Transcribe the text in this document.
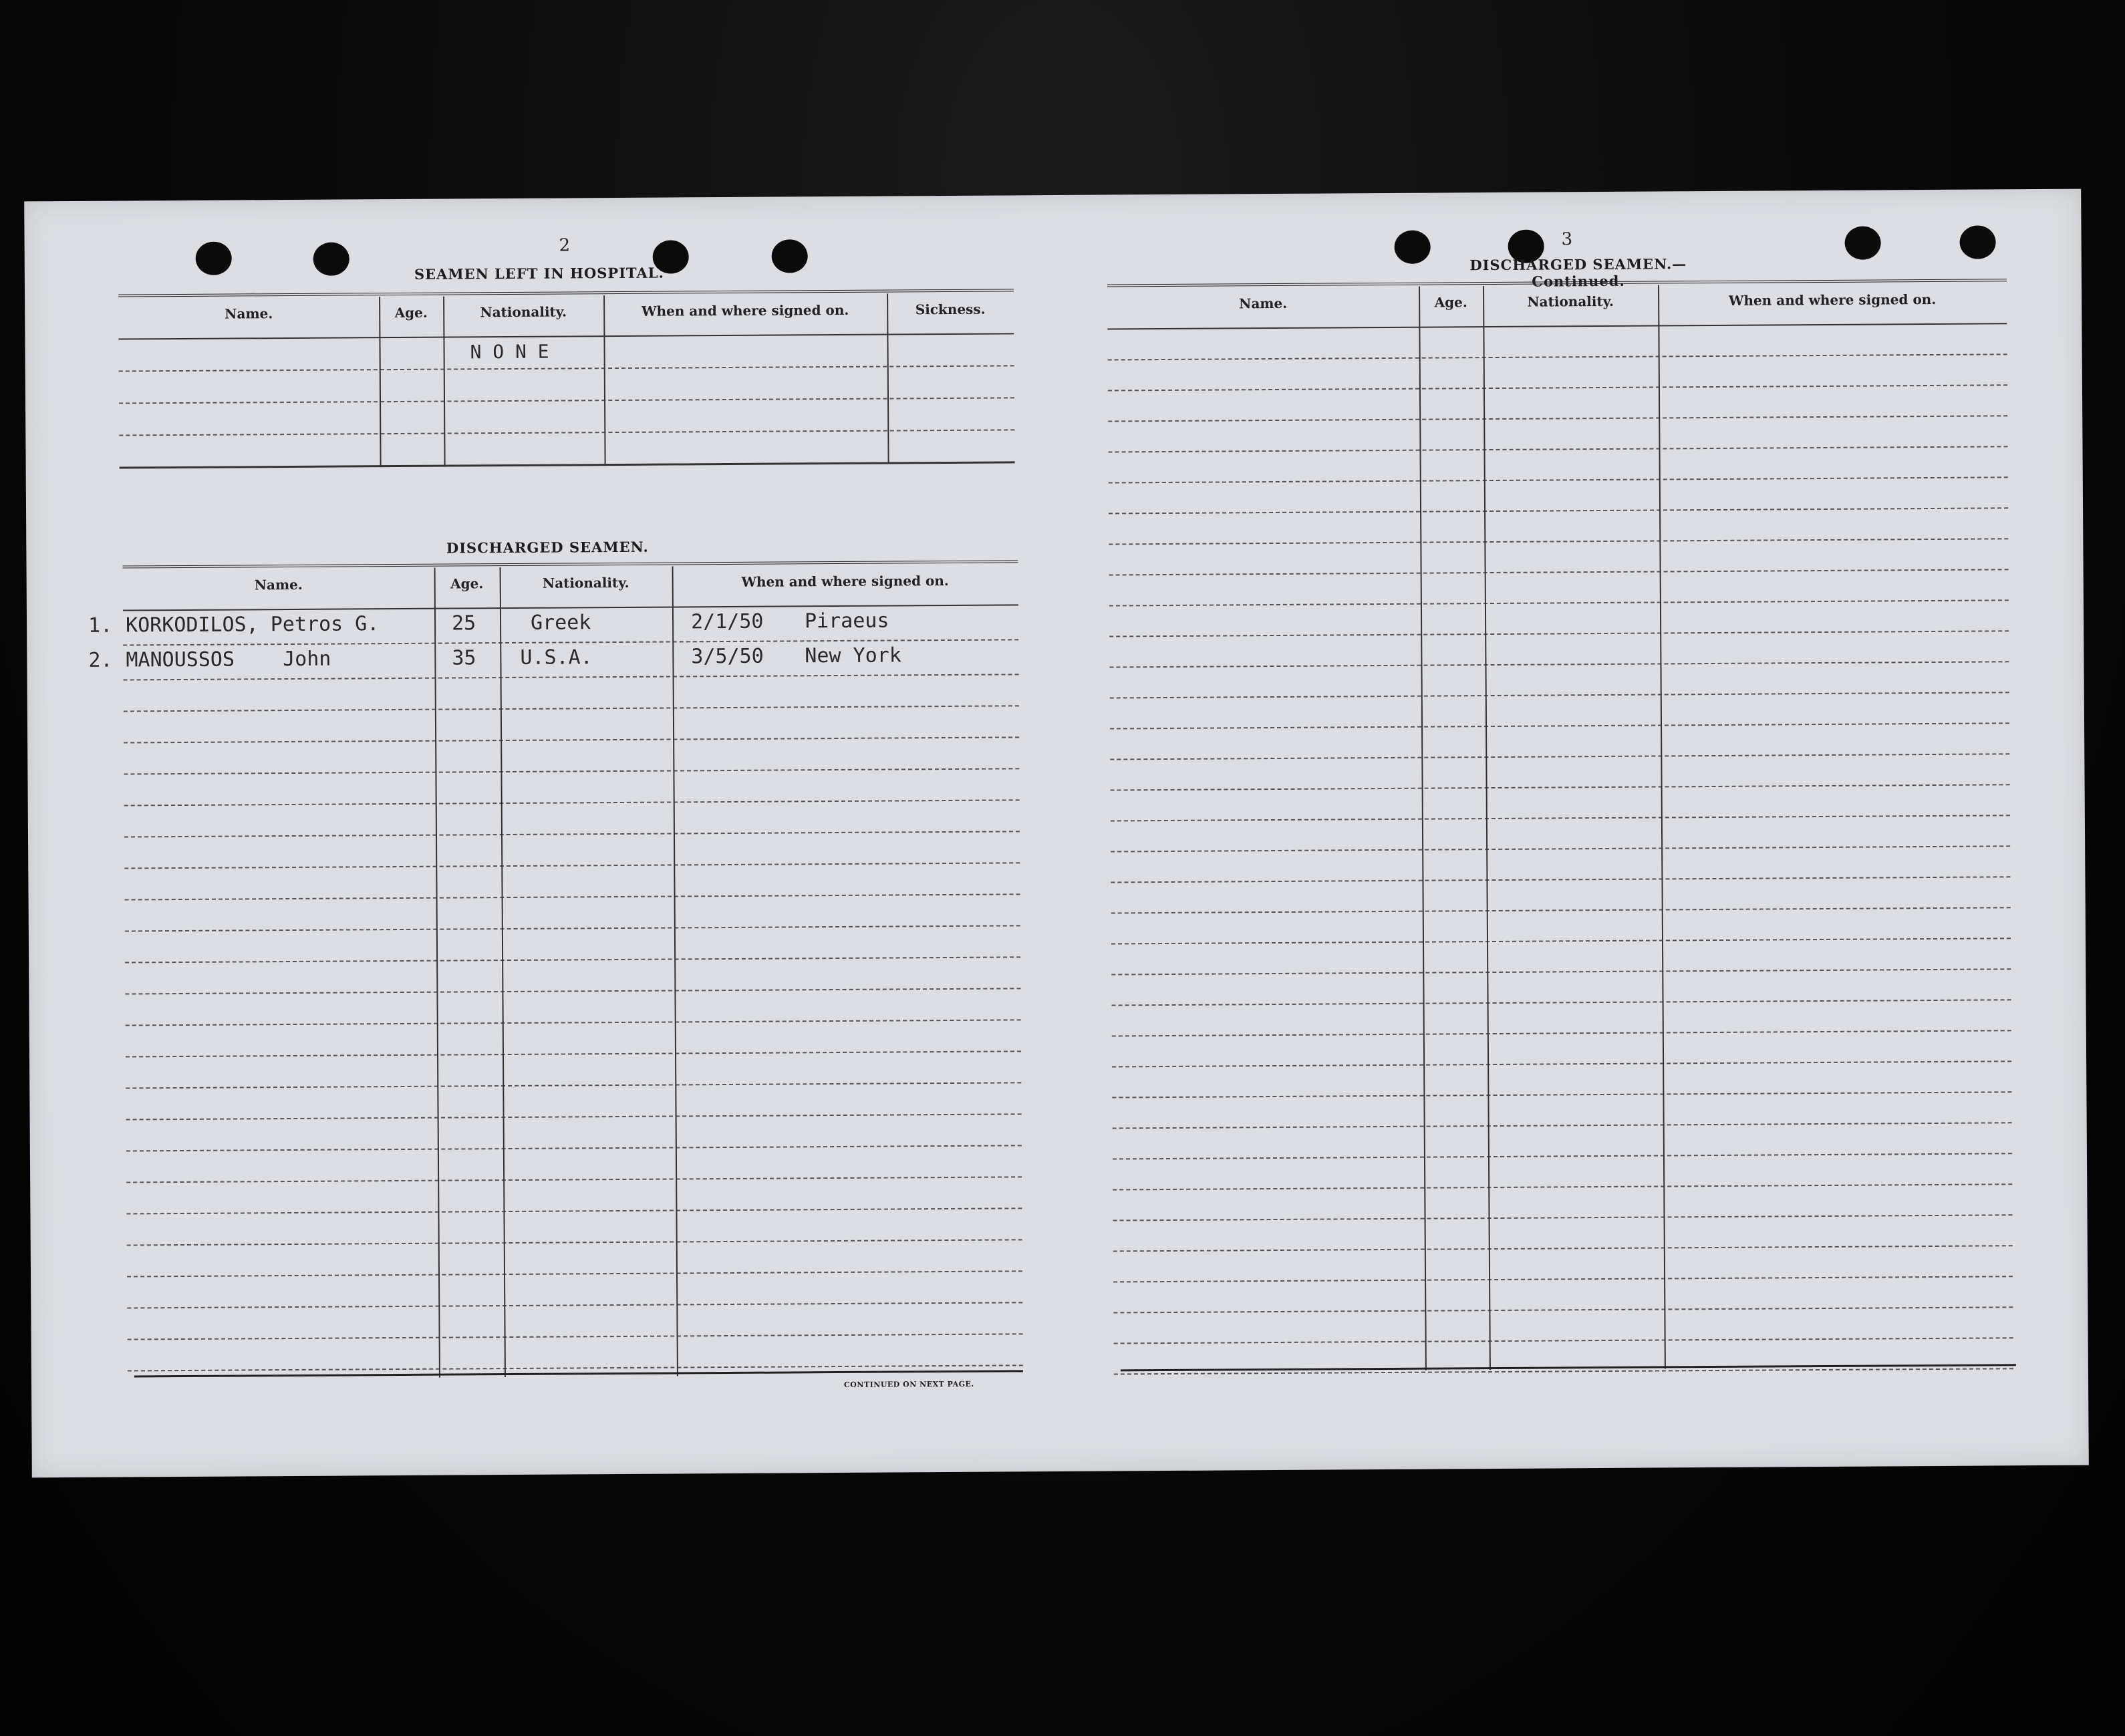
2
SEAMEN LEFT IN HOSPITAL.
Name.	Age.	Nationality.	When and where signed on.	Sickness.
N O N E
DISCHARGED SEAMEN.
Name.	Age.	Nationality.	When and where signed on.
1. KORKODILOS, Petros G.	25	Greek	2/1/50 Piraeus
2. MANOUSSOS    John	35 U.S.A.	3/5/50 New York
CONTINUED ON NEXT PAGE.
3
DISCHARGED SEAMEN.—Continued.
Name.	Age.	Nationality.	When and where signed on.
